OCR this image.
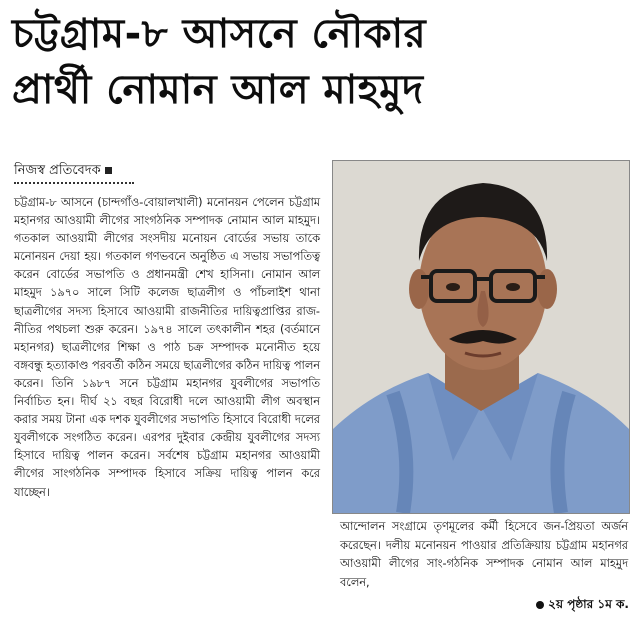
চট্টগ্রাম-৮ আসনে নৌকার
প্রার্থী নোমান আল মাহমুদ
নিজস্ব প্রতিবেদক

চট্টগ্রাম-৮ আসনে (চান্দগাঁও-বোয়ালখালী) মনোনয়ন পেলেন চট্টগ্রাম মহানগর আওয়ামী লীগের সাংগঠনিক সম্পাদক নোমান আল মাহমুদ। গতকাল আওয়ামী লীগের সংসদীয় মনোয়ন বোর্ডের সভায় তাকে মনোনয়ন দেয়া হয়। গতকাল গণভবনে অনুষ্ঠিত এ সভায় সভাপতিত্ব করেন বোর্ডের সভাপতি ও প্রধানমন্ত্রী শেখ হাসিনা। নোমান আল মাহমুদ ১৯৭০ সালে সিটি কলেজ ছাত্রলীগ ও পাঁচলাইশ থানা ছাত্রলীগের সদস্য হিসাবে আওয়ামী রাজনীতির দায়িত্বপ্রাপ্তির রাজ-নীতির পথচলা শুরু করেন। ১৯৭৪ সালে তৎকালীন শহর (বর্তমানে মহানগর) ছাত্রলীগের শিক্ষা ও পাঠ চক্র সম্পাদক মনোনীত হয়ে বঙ্গবন্ধু হত্যাকাণ্ড পরবর্তী কঠিন সময়ে ছাত্রলীগের কঠিন দায়িত্ব পালন করেন। তিনি ১৯৮৭ সনে চট্টগ্রাম মহানগর যুবলীগের সভাপতি নির্বাচিত হন। দীর্ঘ ২১ বছর বিরোধী দলে আওয়ামী লীগ অবস্থান করার সময় টানা এক দশক যুবলীগের সভাপতি হিসাবে বিরোধী দলের যুবলীগকে সংগঠিত করেন। এরপর দুইবার কেন্দ্রীয় যুবলীগের সদস্য হিসাবে দায়িত্ব পালন করেন। সর্বশেষ চট্টগ্রাম মহানগর আওয়ামী লীগের সাংগঠনিক সম্পাদক হিসাবে সক্রিয় দায়িত্ব পালন করে যাচ্ছেন।

আন্দোলন সংগ্রামে তৃণমূলের কর্মী হিসেবে জন-প্রিয়তা অর্জন করেছেন। দলীয় মনোনয়ন পাওয়ার প্রতিক্রিয়ায় চট্টগ্রাম মহানগর আওয়ামী লীগের সাং-গঠনিক সম্পাদক নোমান আল মাহমুদ বলেন,
২য় পৃষ্ঠার ১ম ক.
